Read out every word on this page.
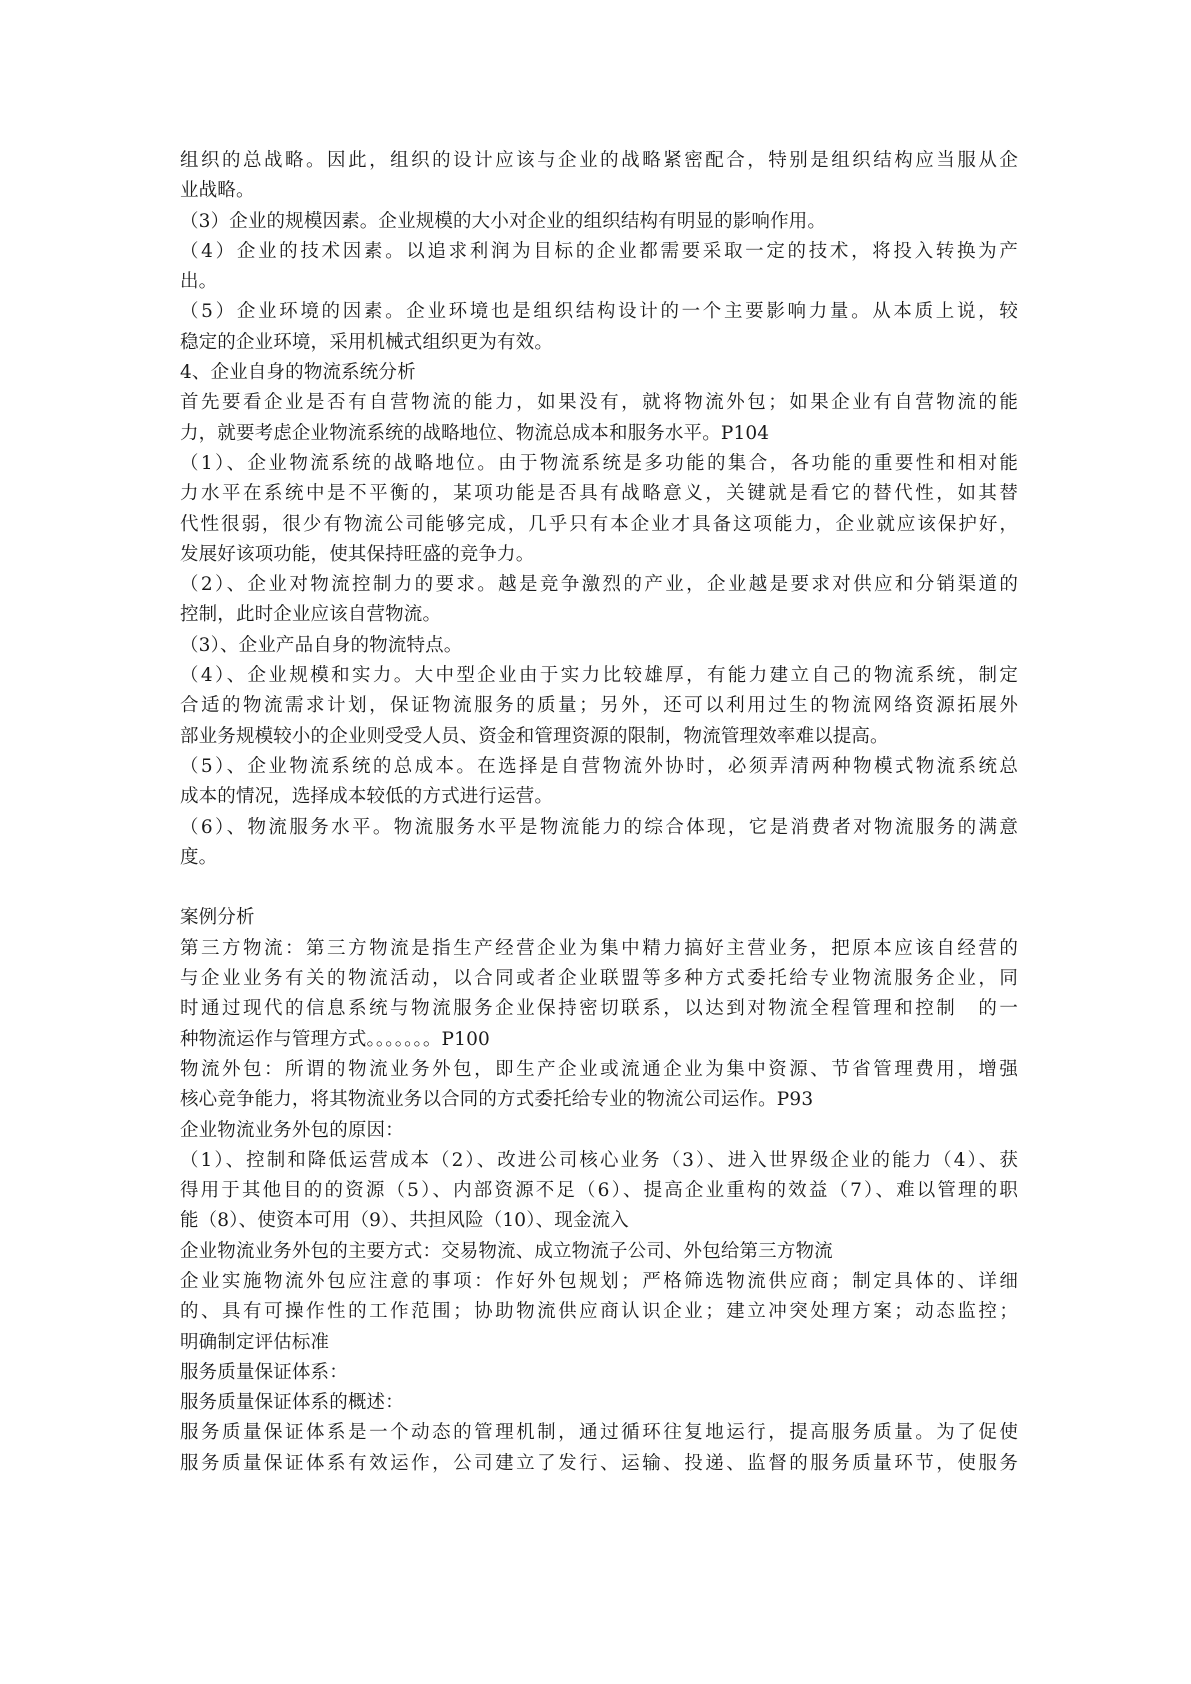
组织的总战略。因此，组织的设计应该与企业的战略紧密配合，特别是组织结构应当服从企
业战略。
（3）企业的规模因素。企业规模的大小对企业的组织结构有明显的影响作用。
（4）企业的技术因素。以追求利润为目标的企业都需要采取一定的技术，将投入转换为产
出。
（5）企业环境的因素。企业环境也是组织结构设计的一个主要影响力量。从本质上说，较
稳定的企业环境，采用机械式组织更为有效。
4、企业自身的物流系统分析
首先要看企业是否有自营物流的能力，如果没有，就将物流外包；如果企业有自营物流的能
力，就要考虑企业物流系统的战略地位、物流总成本和服务水平。P104
（1）、企业物流系统的战略地位。由于物流系统是多功能的集合，各功能的重要性和相对能
力水平在系统中是不平衡的，某项功能是否具有战略意义，关键就是看它的替代性，如其替
代性很弱，很少有物流公司能够完成，几乎只有本企业才具备这项能力，企业就应该保护好，
发展好该项功能，使其保持旺盛的竞争力。
（2）、企业对物流控制力的要求。越是竞争激烈的产业，企业越是要求对供应和分销渠道的
控制，此时企业应该自营物流。
（3）、企业产品自身的物流特点。
（4）、企业规模和实力。大中型企业由于实力比较雄厚，有能力建立自己的物流系统，制定
合适的物流需求计划，保证物流服务的质量；另外，还可以利用过生的物流网络资源拓展外
部业务规模较小的企业则受受人员、资金和管理资源的限制，物流管理效率难以提高。
（5）、企业物流系统的总成本。在选择是自营物流外协时，必须弄清两种物模式物流系统总
成本的情况，选择成本较低的方式进行运营。
（6）、物流服务水平。物流服务水平是物流能力的综合体现，它是消费者对物流服务的满意
度。
案例分析
第三方物流：第三方物流是指生产经营企业为集中精力搞好主营业务，把原本应该自经营的
与企业业务有关的物流活动，以合同或者企业联盟等多种方式委托给专业物流服务企业，同
时通过现代的信息系统与物流服务企业保持密切联系，以达到对物流全程管理和控制　的一
种物流运作与管理方式。。。。。。。P100
物流外包：所谓的物流业务外包，即生产企业或流通企业为集中资源、节省管理费用，增强
核心竞争能力，将其物流业务以合同的方式委托给专业的物流公司运作。P93
企业物流业务外包的原因：
（1）、控制和降低运营成本（2）、改进公司核心业务（3）、进入世界级企业的能力（4）、获
得用于其他目的的资源（5）、内部资源不足（6）、提高企业重构的效益（7）、难以管理的职
能（8）、使资本可用（9）、共担风险（10）、现金流入
企业物流业务外包的主要方式：交易物流、成立物流子公司、外包给第三方物流
企业实施物流外包应注意的事项：作好外包规划；严格筛选物流供应商；制定具体的、详细
的、具有可操作性的工作范围；协助物流供应商认识企业；建立冲突处理方案；动态监控；
明确制定评估标准
服务质量保证体系：
服务质量保证体系的概述：
服务质量保证体系是一个动态的管理机制，通过循环往复地运行，提高服务质量。为了促使
服务质量保证体系有效运作，公司建立了发行、运输、投递、监督的服务质量环节，使服务
